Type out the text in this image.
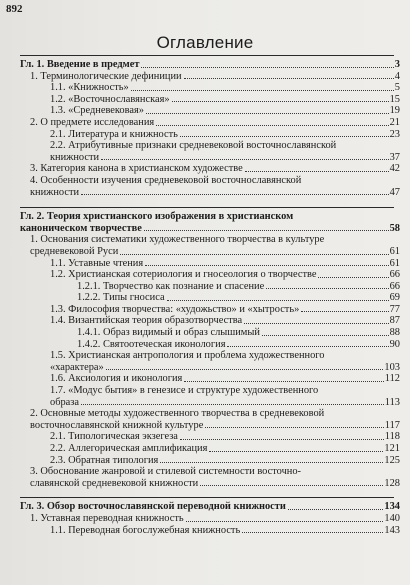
892
Оглавление
Гл. 1. Введение в предмет	3
1. Терминологические дефиниции	4
1.1. «Книжность»	5
1.2. «Восточнославянская»	15
1.3. «Средневековая»	19
2. О предмете исследования	21
2.1. Литература и книжность	23
2.2. Атрибутивные признаки средневековой восточнославянской
книжности	37
3. Категория канона в христианском художестве	42
4. Особенности изучения средневековой восточнославянской
книжности	47
Гл. 2. Теория христианского изображения в христианском
каноническом творчестве	58
1. Основания систематики художественного творчества в культуре
средневековой Руси	61
1.1. Уставные чтения	61
1.2. Христианская сотериология и гносеология о творчестве	66
1.2.1. Творчество как познание и спасение	66
1.2.2. Типы гносиса	69
1.3. Философия творчества: «художьство» и «хытрость»	77
1.4. Византийская теория образотворчества	87
1.4.1. Образ видимый и образ слышимый	88
1.4.2. Святоотеческая иконология	90
1.5. Христианская антропология и проблема художественного
«характера»	103
1.6. Аксиология и иконология	112
1.7. «Модус бытия» в генезисе и структуре художественного
образа	113
2. Основные методы художественного творчества в средневековой
восточнославянской книжной культуре	117
2.1. Типологическая экзегеза	118
2.2. Аллегорическая амплификация	121
2.3. Обратная типология	125
3. Обоснование жанровой и стилевой системности восточно-
славянской средневековой книжности	128
Гл. 3. Обзор восточнославянской переводной книжности	134
1. Уставная переводная книжность	140
1.1. Переводная богослужебная книжность	143
